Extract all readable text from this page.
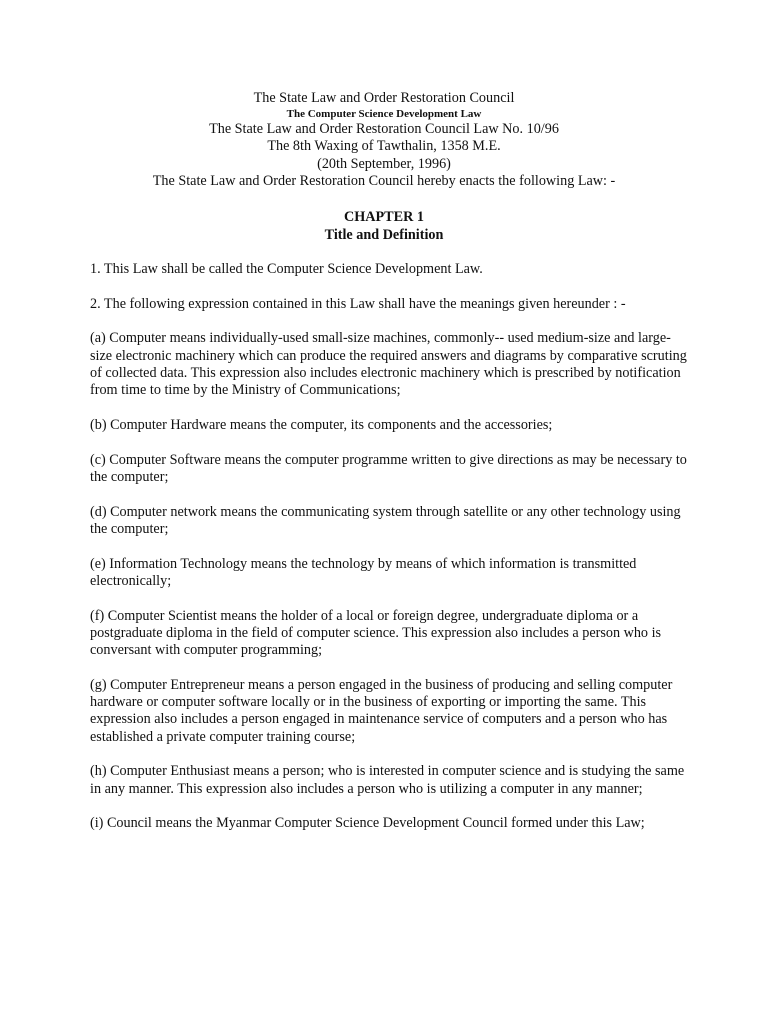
The State Law and Order Restoration Council
The Computer Science Development Law
The State Law and Order Restoration Council Law No. 10/96
The 8th Waxing of Tawthalin, 1358 M.E.
(20th September, 1996)
The State Law and Order Restoration Council hereby enacts the following Law: -
CHAPTER 1
Title and Definition

1. This Law shall be called the Computer Science Development Law.

2. The following expression contained in this Law shall have the meanings given hereunder : -

(a) Computer means individually-used small-size machines, commonly-- used medium-size and large-size electronic machinery which can produce the required answers and diagrams by comparative scruting of collected data. This expression also includes electronic machinery which is prescribed by notification from time to time by the Ministry of Communications;

(b) Computer Hardware means the computer, its components and the accessories;

(c) Computer Software means the computer programme written to give directions as may be necessary to the computer;

(d) Computer network means the communicating system through satellite or any other technology using the computer;

(e) Information Technology means the technology by means of which information is transmitted electronically;

(f) Computer Scientist means the holder of a local or foreign degree, undergraduate diploma or a postgraduate diploma in the field of computer science. This expression also includes a person who is conversant with computer programming;

(g) Computer Entrepreneur means a person engaged in the business of producing and selling computer hardware or computer software locally or in the business of exporting or importing the same. This expression also includes a person engaged in maintenance service of computers and a person who has established a private computer training course;

(h) Computer Enthusiast means a person; who is interested in computer science and is studying the same in any manner. This expression also includes a person who is utilizing a computer in any manner;

(i) Council means the Myanmar Computer Science Development Council formed under this Law;
